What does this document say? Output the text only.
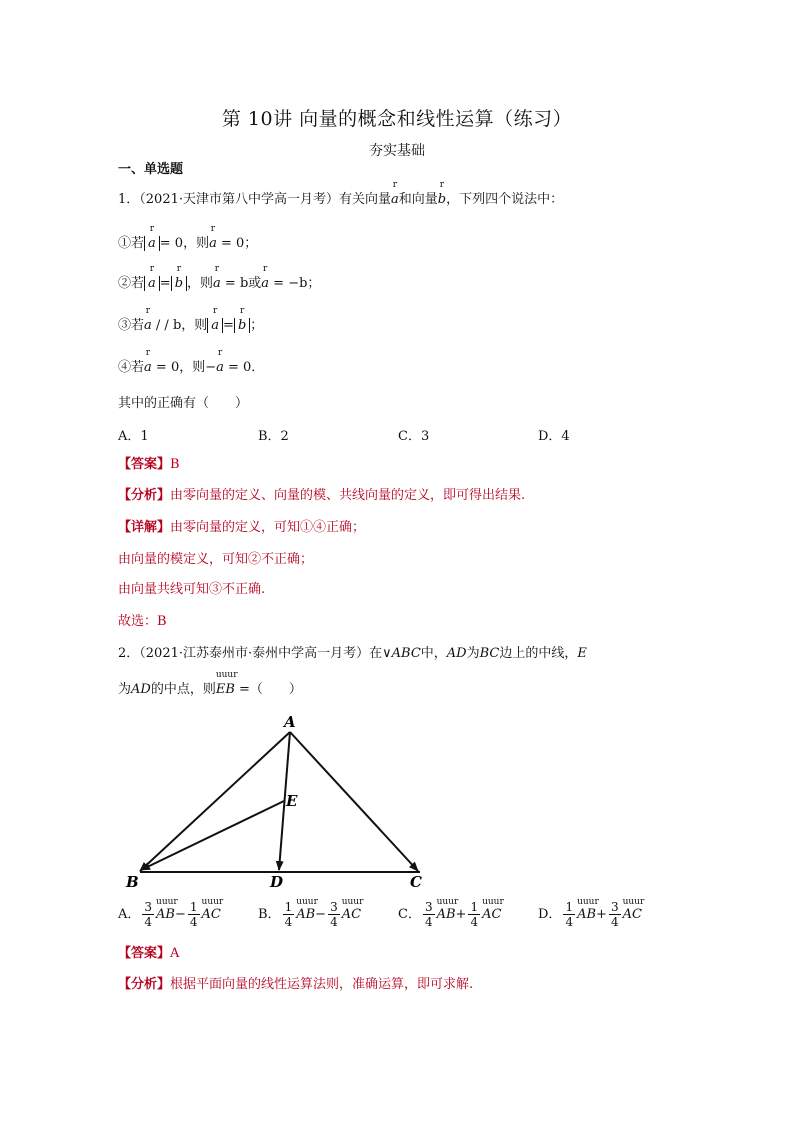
第 10讲 向量的概念和线性运算（练习）
夯实基础
一、单选题
1．（2021·天津市第八中学高一月考）有关向量
r
a和向量
r
b，下列四个说法中：
①若
r
a = 0，则
r
a = 0；
②若
r
a =
r
b ，则
r
a = b或
r
a = −b；
③若
r
a / / b，则
r
a =
r
b ；
④若
r
a = 0，则−
r
a = 0．
其中的正确有（　　）
A．1	B．2	C．3	D．4
【答案】B
【分析】由零向量的定义、向量的模、共线向量的定义，即可得出结果.
【详解】由零向量的定义，可知①④正确；
由向量的模定义，可知②不正确；
由向量共线可知③不正确.
故选：B
2．（2021·江苏泰州市·泰州中学高一月考）在∨ABC中，AD为BC边上的中线，E
为AD的中点，则
uuur
EB =（　　）
A
B	C
D
E
A． $\frac{3}{4}$ uuur
$AB- \frac{1}{4}$ uuur
AC	B． $\frac{1}{4}$ uuur
$AB- \frac{3}{4}$ uuur
AC	C． $\frac{3}{4}$ uuur
$AB+ \frac{1}{4}$ uuur
AC	D． $\frac{1}{4}$ uuur
$AB+ \frac{3}{4}$ uuur
AC
【答案】A
【分析】根据平面向量的线性运算法则，准确运算，即可求解.
